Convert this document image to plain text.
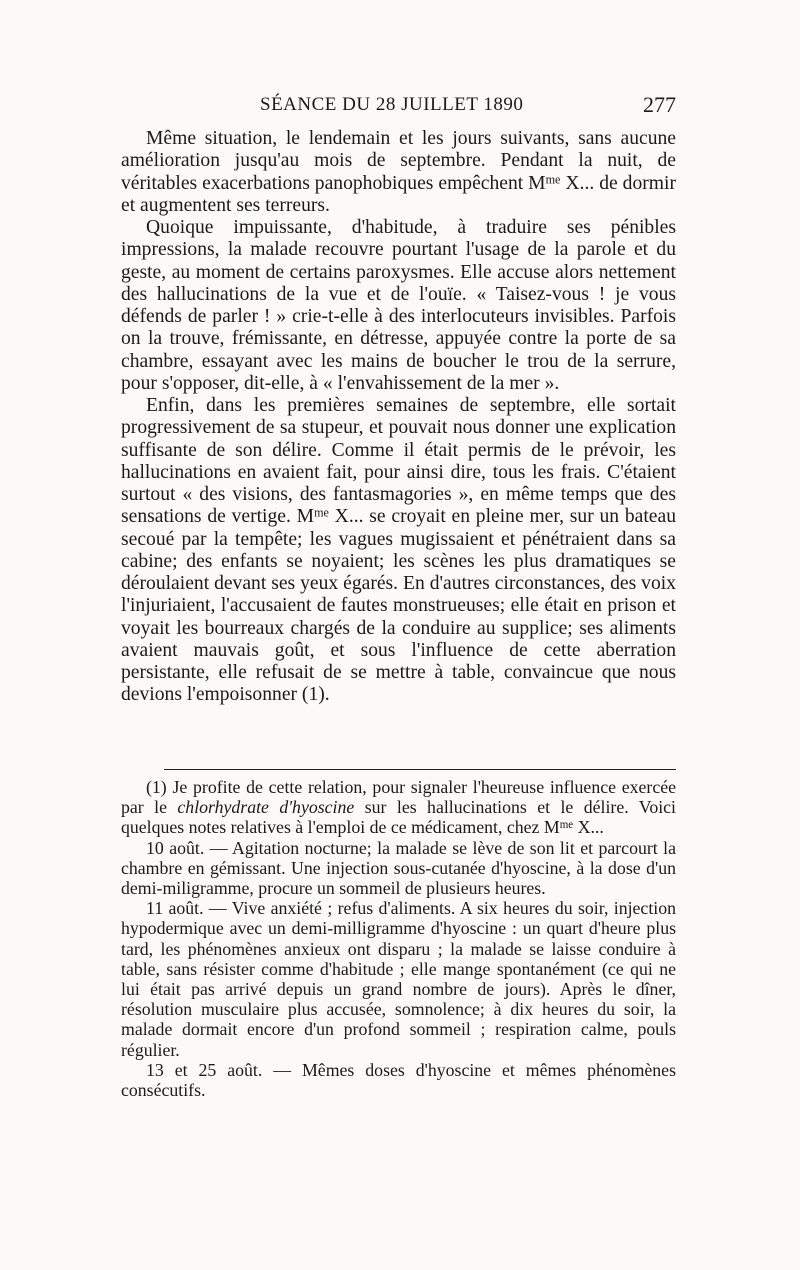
SÉANCE DU 28 JUILLET 1890	277

Même situation, le lendemain et les jours suivants, sans aucune amélioration jusqu'au mois de septembre. Pendant la nuit, de véritables exacerbations panophobiques empêchent $M^{me}$ X... de dormir et augmentent ses terreurs.

Quoique impuissante, d'habitude, à traduire ses pénibles impressions, la malade recouvre pourtant l'usage de la parole et du geste, au moment de certains paroxysmes. Elle accuse alors nettement des hallucinations de la vue et de l'ouïe. « Taisez-vous ! je vous défends de parler ! » crie-t-elle à des interlocuteurs invisibles. Parfois on la trouve, frémissante, en détresse, appuyée contre la porte de sa chambre, essayant avec les mains de boucher le trou de la serrure, pour s'opposer, dit-elle, à « l'envahissement de la mer ».

Enfin, dans les premières semaines de septembre, elle sortait progressivement de sa stupeur, et pouvait nous donner une explication suffisante de son délire. Comme il était permis de le prévoir, les hallucinations en avaient fait, pour ainsi dire, tous les frais. C'étaient surtout « des visions, des fantasmagories », en même temps que des sensations de vertige. $M^{me}$ X... se croyait en pleine mer, sur un bateau secoué par la tempête; les vagues mugissaient et pénétraient dans sa cabine; des enfants se noyaient; les scènes les plus dramatiques se déroulaient devant ses yeux égarés. En d'autres circonstances, des voix l'injuriaient, l'accusaient de fautes monstrueuses; elle était en prison et voyait les bourreaux chargés de la conduire au supplice; ses aliments avaient mauvais goût, et sous l'influence de cette aberration persistante, elle refusait de se mettre à table, convaincue que nous devions l'empoisonner (1).

(1) Je profite de cette relation, pour signaler l'heureuse influence exercée par le chlorhydrate d'hyoscine sur les hallucinations et le délire. Voici quelques notes relatives à l'emploi de ce médicament, chez $M^{me}$ X...

10 août. — Agitation nocturne; la malade se lève de son lit et parcourt la chambre en gémissant. Une injection sous-cutanée d'hyoscine, à la dose d'un demi-miligramme, procure un sommeil de plusieurs heures.

11 août. — Vive anxiété ; refus d'aliments. A six heures du soir, injection hypodermique avec un demi-milligramme d'hyoscine : un quart d'heure plus tard, les phénomènes anxieux ont disparu ; la malade se laisse conduire à table, sans résister comme d'habitude ; elle mange spontanément (ce qui ne lui était pas arrivé depuis un grand nombre de jours). Après le dîner, résolution musculaire plus accusée, somnolence; à dix heures du soir, la malade dormait encore d'un profond sommeil ; respiration calme, pouls régulier.

13 et 25 août. — Mêmes doses d'hyoscine et mêmes phénomènes consécutifs.
